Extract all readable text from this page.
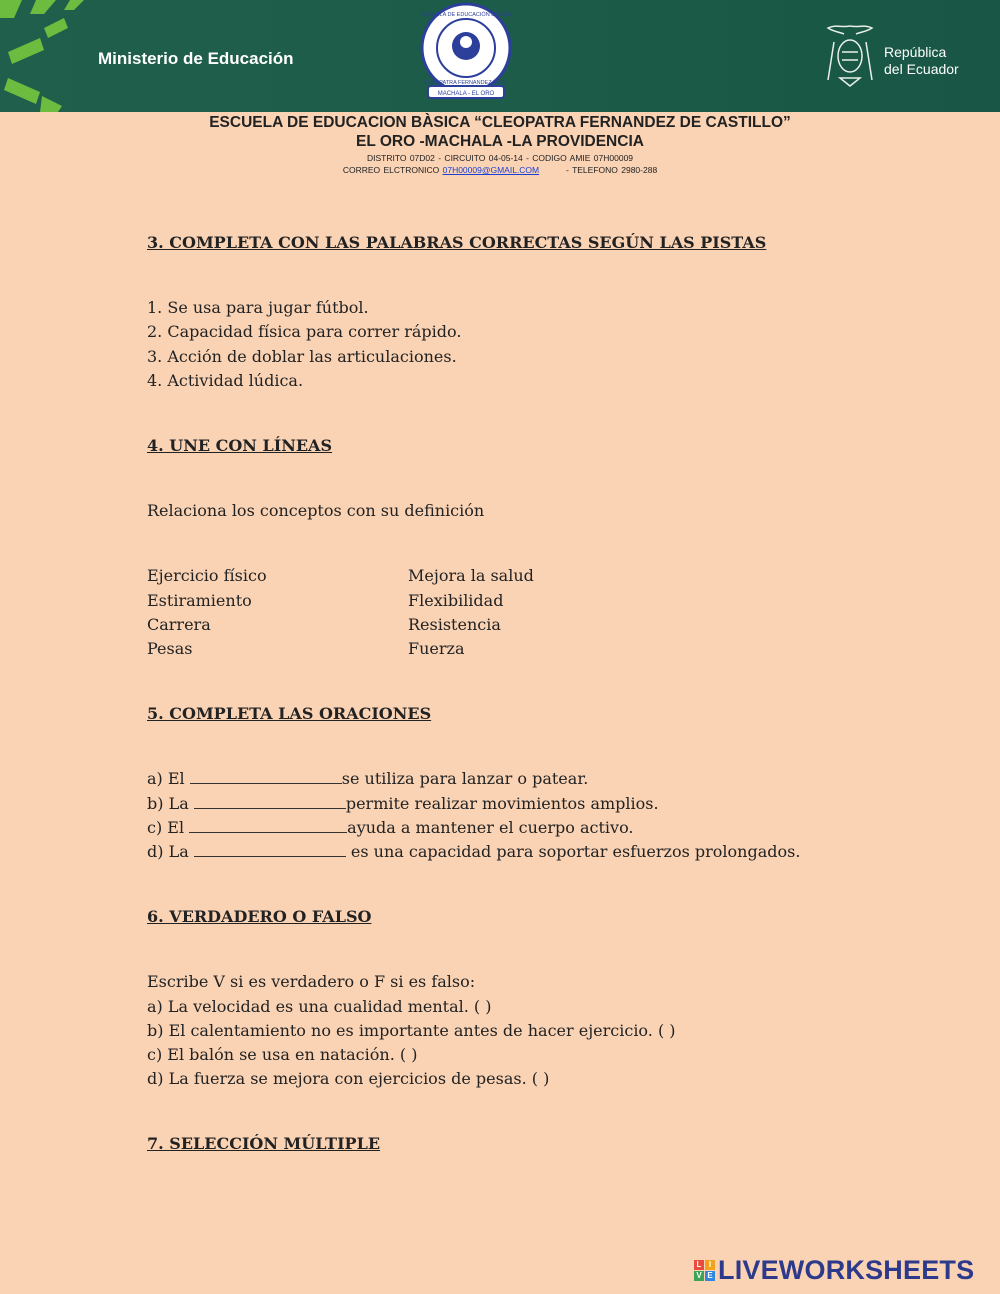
Ministerio de Educación
MACHALA - EL ORO
ESCUELA DE EDUCACIÓN BÁSICA
CLEOPATRA FERNANDEZ DE C.
República
del Ecuador
ESCUELA DE EDUCACION BÀSICA “CLEOPATRA FERNANDEZ DE CASTILLO”
EL ORO -MACHALA -LA PROVIDENCIA
DISTRITO 07D02 - CIRCUITO 04-05-14 - CODIGO AMIE 07H00009
CORREO ELCTRONICO 07H00009@GMAIL.COM	- TELEFONO 2980-288
3. COMPLETA CON LAS PALABRAS CORRECTAS SEGÚN LAS PISTAS
1. Se usa para jugar fútbol.
2. Capacidad física para correr rápido.
3. Acción de doblar las articulaciones.
4. Actividad lúdica.
4. UNE CON LÍNEAS
Relaciona los conceptos con su definición
Ejercicio físico	Mejora la salud
Estiramiento	Flexibilidad
Carrera	Resistencia
Pesas	Fuerza
5. COMPLETA LAS ORACIONES
a) El	se utiliza para lanzar o patear.
b) La	permite realizar movimientos amplios.
c) El	ayuda a mantener el cuerpo activo.
d) La	es una capacidad para soportar esfuerzos prolongados.
6. VERDADERO O FALSO
Escribe V si es verdadero o F si es falso:
a) La velocidad es una cualidad mental. ( )
b) El calentamiento no es importante antes de hacer ejercicio. ( )
c) El balón se usa en natación. ( )
d) La fuerza se mejora con ejercicios de pesas. ( )
7. SELECCIÓN MÚLTIPLE
L I
V E LIVEWORKSHEETS
